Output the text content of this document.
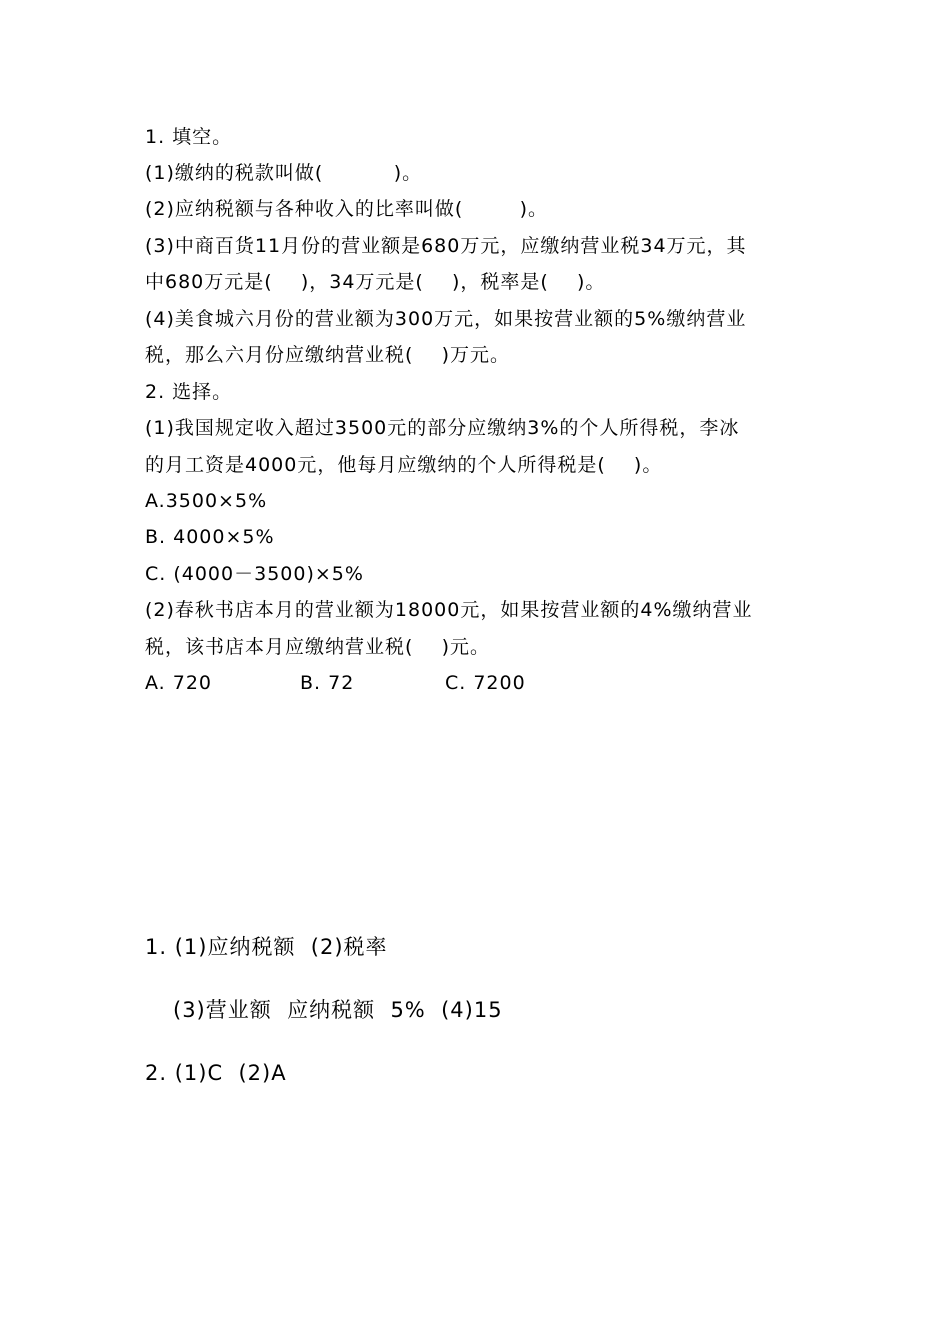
1. 填空。
(1)缴纳的税款叫做(          )。
(2)应纳税额与各种收入的比率叫做(        )。
(3)中商百货11月份的营业额是680万元，应缴纳营业税34万元，其
中680万元是(    )，34万元是(    )，税率是(    )。
(4)美食城六月份的营业额为300万元，如果按营业额的5%缴纳营业
税，那么六月份应缴纳营业税(    )万元。
2. 选择。
(1)我国规定收入超过3500元的部分应缴纳3%的个人所得税，李冰
的月工资是4000元，他每月应缴纳的个人所得税是(    )。
A.3500×5%
B. 4000×5%
C. (4000－3500)×5%
(2)春秋书店本月的营业额为18000元，如果按营业额的4%缴纳营业
税，该书店本月应缴纳营业税(    )元。
A. 720	B. 72	C. 7200
1. (1)应纳税额  (2)税率
(3)营业额  应纳税额  5%  (4)15
2. (1)C  (2)A
